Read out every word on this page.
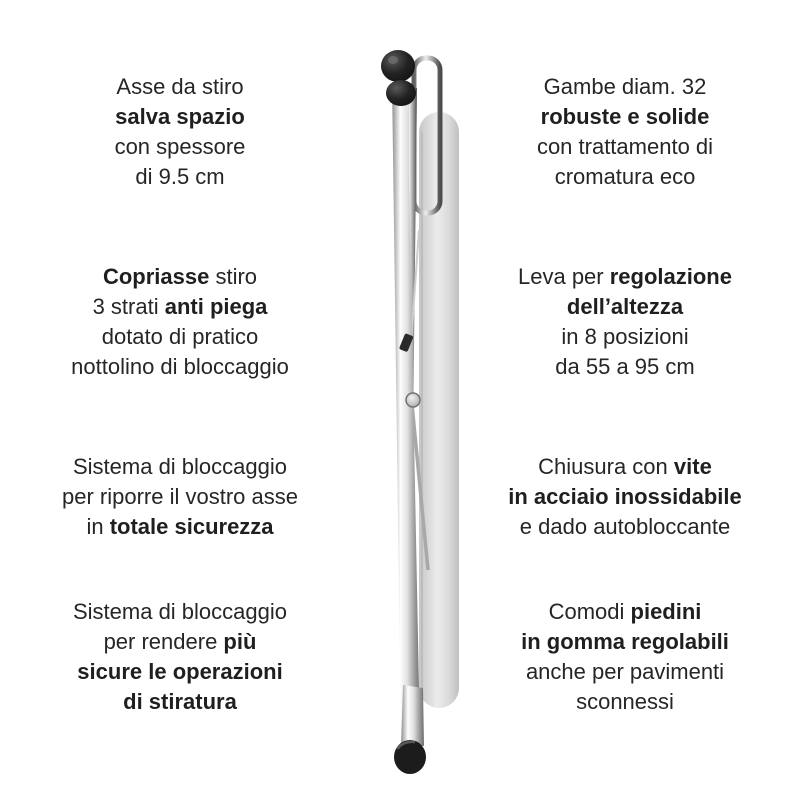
Asse da stiro
salva spazio
con spessore
di 9.5 cm
Copriasse stiro
3 strati anti piega
dotato di pratico
nottolino di bloccaggio
Sistema di bloccaggio
per riporre il vostro asse
in totale sicurezza
Sistema di bloccaggio
per rendere più
sicure le operazioni
di stiratura
Gambe diam. 32
robuste e solide
con trattamento di
cromatura eco
Leva per regolazione
dell’altezza
in 8 posizioni
da 55 a 95 cm
Chiusura con vite
in acciaio inossidabile
e dado autobloccante
Comodi piedini
in gomma regolabili
anche per pavimenti
sconnessi
